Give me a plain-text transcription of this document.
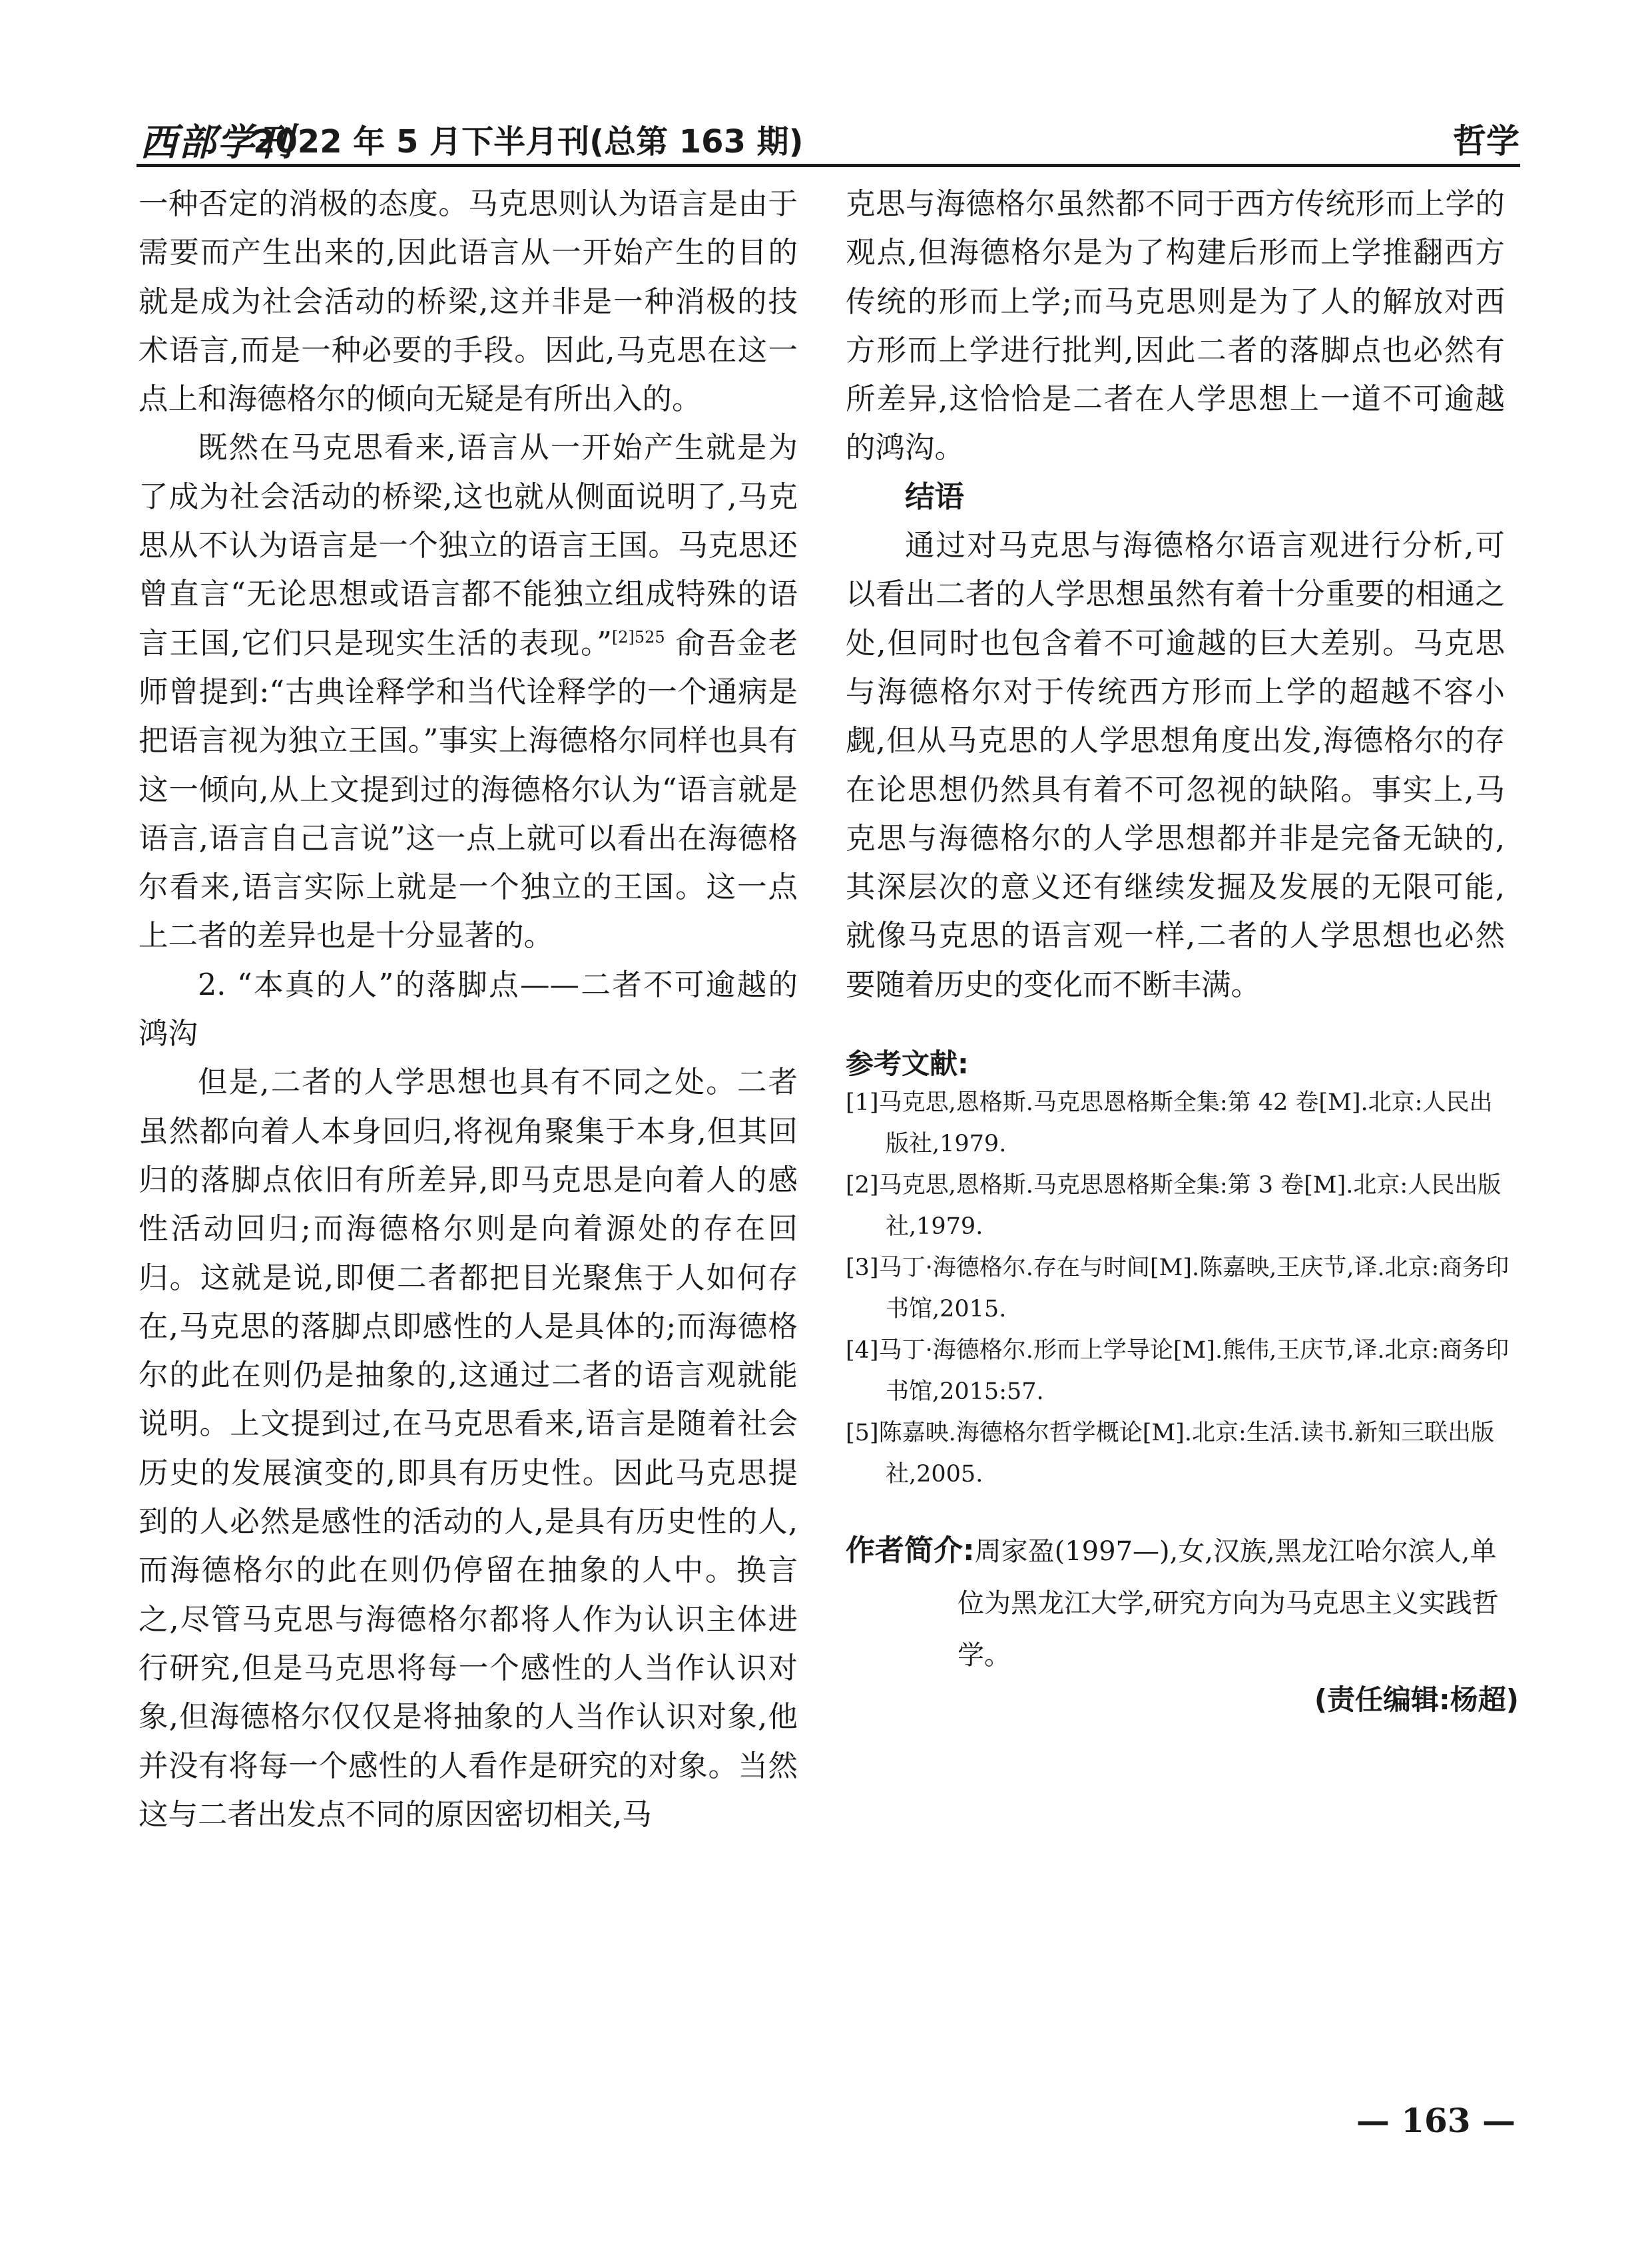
西部学刊
2022 年 5 月下半月刊(总第 163 期)	哲学

一种否定的消极的态度。马克思则认为语言是由于需要而产生出来的,因此语言从一开始产生的目的就是成为社会活动的桥梁,这并非是一种消极的技术语言,而是一种必要的手段。因此,马克思在这一点上和海德格尔的倾向无疑是有所出入的。

既然在马克思看来,语言从一开始产生就是为了成为社会活动的桥梁,这也就从侧面说明了,马克思从不认为语言是一个独立的语言王国。马克思还曾直言“无论思想或语言都不能独立组成特殊的语言王国,它们只是现实生活的表现。”$^{[2]525}$ 俞吾金老师曾提到:“古典诠释学和当代诠释学的一个通病是把语言视为独立王国。”事实上海德格尔同样也具有这一倾向,从上文提到过的海德格尔认为“语言就是语言,语言自己言说”这一点上就可以看出在海德格尔看来,语言实际上就是一个独立的王国。这一点上二者的差异也是十分显著的。

2. “本真的人”的落脚点——二者不可逾越的鸿沟

但是,二者的人学思想也具有不同之处。二者虽然都向着人本身回归,将视角聚集于本身,但其回归的落脚点依旧有所差异,即马克思是向着人的感性活动回归;而海德格尔则是向着源处的存在回归。这就是说,即便二者都把目光聚焦于人如何存在,马克思的落脚点即感性的人是具体的;而海德格尔的此在则仍是抽象的,这通过二者的语言观就能说明。上文提到过,在马克思看来,语言是随着社会历史的发展演变的,即具有历史性。因此马克思提到的人必然是感性的活动的人,是具有历史性的人,而海德格尔的此在则仍停留在抽象的人中。换言之,尽管马克思与海德格尔都将人作为认识主体进行研究,但是马克思将每一个感性的人当作认识对象,但海德格尔仅仅是将抽象的人当作认识对象,他并没有将每一个感性的人看作是研究的对象。当然这与二者出发点不同的原因密切相关,马

克思与海德格尔虽然都不同于西方传统形而上学的观点,但海德格尔是为了构建后形而上学推翻西方传统的形而上学;而马克思则是为了人的解放对西方形而上学进行批判,因此二者的落脚点也必然有所差异,这恰恰是二者在人学思想上一道不可逾越的鸿沟。

结语

通过对马克思与海德格尔语言观进行分析,可以看出二者的人学思想虽然有着十分重要的相通之处,但同时也包含着不可逾越的巨大差别。马克思与海德格尔对于传统西方形而上学的超越不容小觑,但从马克思的人学思想角度出发,海德格尔的存在论思想仍然具有着不可忽视的缺陷。事实上,马克思与海德格尔的人学思想都并非是完备无缺的,其深层次的意义还有继续发掘及发展的无限可能,就像马克思的语言观一样,二者的人学思想也必然要随着历史的变化而不断丰满。

参考文献:
[1]马克思,恩格斯.马克思恩格斯全集:第 42 卷[M].北京:人民出版社,1979.
[2]马克思,恩格斯.马克思恩格斯全集:第 3 卷[M].北京:人民出版社,1979.
[3]马丁·海德格尔.存在与时间[M].陈嘉映,王庆节,译.北京:商务印书馆,2015.
[4]马丁·海德格尔.形而上学导论[M].熊伟,王庆节,译.北京:商务印书馆,2015:57.
[5]陈嘉映.海德格尔哲学概论[M].北京:生活.读书.新知三联出版社,2005.
作者简介:周家盈(1997—),女,汉族,黑龙江哈尔滨人,单位为黑龙江大学,研究方向为马克思主义实践哲学。
(责任编辑:杨超)
— 163 —
